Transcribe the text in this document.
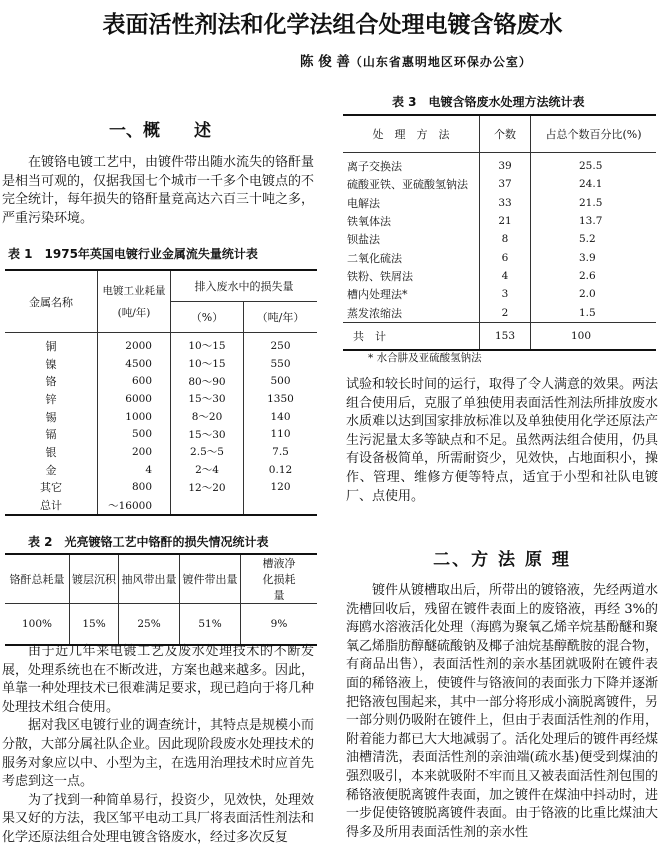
表面活性剂法和化学法组合处理电镀含铬废水
陈 俊 善（山东省惠明地区环保办公室）
一、概　　述

在镀铬电镀工艺中，由镀件带出随水流失的铬酐量是相当可观的，仅据我国七个城市一千多个电镀点的不完全统计，每年损失的铬酐量竟高达六百三十吨之多，严重污染环境。

表 1　1975年英国电镀行业金属流失量统计表
金属名称	电镀工业耗量(吨/年)	排入废水中的损失量	
		（%）	（吨/年）
铜	2000	10～15	250
镍	4500	10～15	550
铬	600	80～90	500
锌	6000	15～30	1350
锡	1000	8～20	140
镉	500	15～30	110
银	200	2.5～5	7.5
金	4	2～4	0.12
其它	800	12～20	120
总计	～16000		
表 2　光亮镀铬工艺中铬酐的损失情况统计表
铬酐总耗量	镀层沉积	抽风带出量	镀件带出量	槽液净化损耗量
100%	15%	25%	51%	9%

由于近几年来电镀工艺及废水处理技术的不断发展，处理系统也在不断改进，方案也越来越多。因此，单靠一种处理技术已很难满足要求，现已趋向于将几种处理技术组合使用。

据对我区电镀行业的调查统计，其特点是规模小而分散，大部分属社队企业。因此现阶段废水处理技术的服务对象应以中、小型为主，在选用治理技术时应首先考虑到这一点。

为了找到一种简单易行，投资少，见效快，处理效果又好的方法，我区邹平电动工具厂将表面活性剂法和化学还原法组合处理电镀含铬废水，经过多次反复

表 3　电镀含铬废水处理方法统计表
处　理　方　法	个数	占总个数百分比(%)
离子交换法	39	25.5
硫酸亚铁、亚硫酸氢钠法	37	24.1
电解法	33	21.5
铁氧体法	21	13.7
钡盐法	8	5.2
二氧化硫法	6	3.9
铁粉、铁屑法	4	2.6
槽内处理法*	3	2.0
蒸发浓缩法	2	1.5
共　计	153	100
* 水合肼及亚硫酸氢钠法

试验和较长时间的运行，取得了令人满意的效果。两法组合使用后，克服了单独使用表面活性剂法所排放废水水质难以达到国家排放标准以及单独使用化学还原法产生污泥量太多等缺点和不足。虽然两法组合使用，仍具有设备极简单，所需耐资少，见效快，占地面积小，操作、管理、维修方便等特点，适宜于小型和社队电镀厂、点使用。

二、方 法 原 理

镀件从镀槽取出后，所带出的镀铬液，先经两道水洗槽回收后，残留在镀件表面上的废铬液，再经 3%的海鸥水溶液活化处理（海鸥为聚氧乙烯辛烷基酚醚和聚氧乙烯脂肪醇醚硫酸钠及椰子油烷基醇酰胺的混合物，有商品出售），表面活性剂的亲水基团就吸附在镀件表面的稀铬液上，使镀件与铬液间的表面张力下降并逐渐把铬液包围起来，其中一部分将形成小滴脱离镀件，另一部分则仍吸附在镀件上，但由于表面活性剂的作用，附着能力都已大大地减弱了。活化处理后的镀件再经煤油槽清洗，表面活性剂的亲油端(疏水基)便受到煤油的强烈吸引，本来就吸附不牢而且又被表面活性剂包围的稀铬液便脱离镀件表面，加之镀件在煤油中抖动时，进一步促使铬镀脱离镀件表面。由于铬液的比重比煤油大得多及所用表面活性剂的亲水性
